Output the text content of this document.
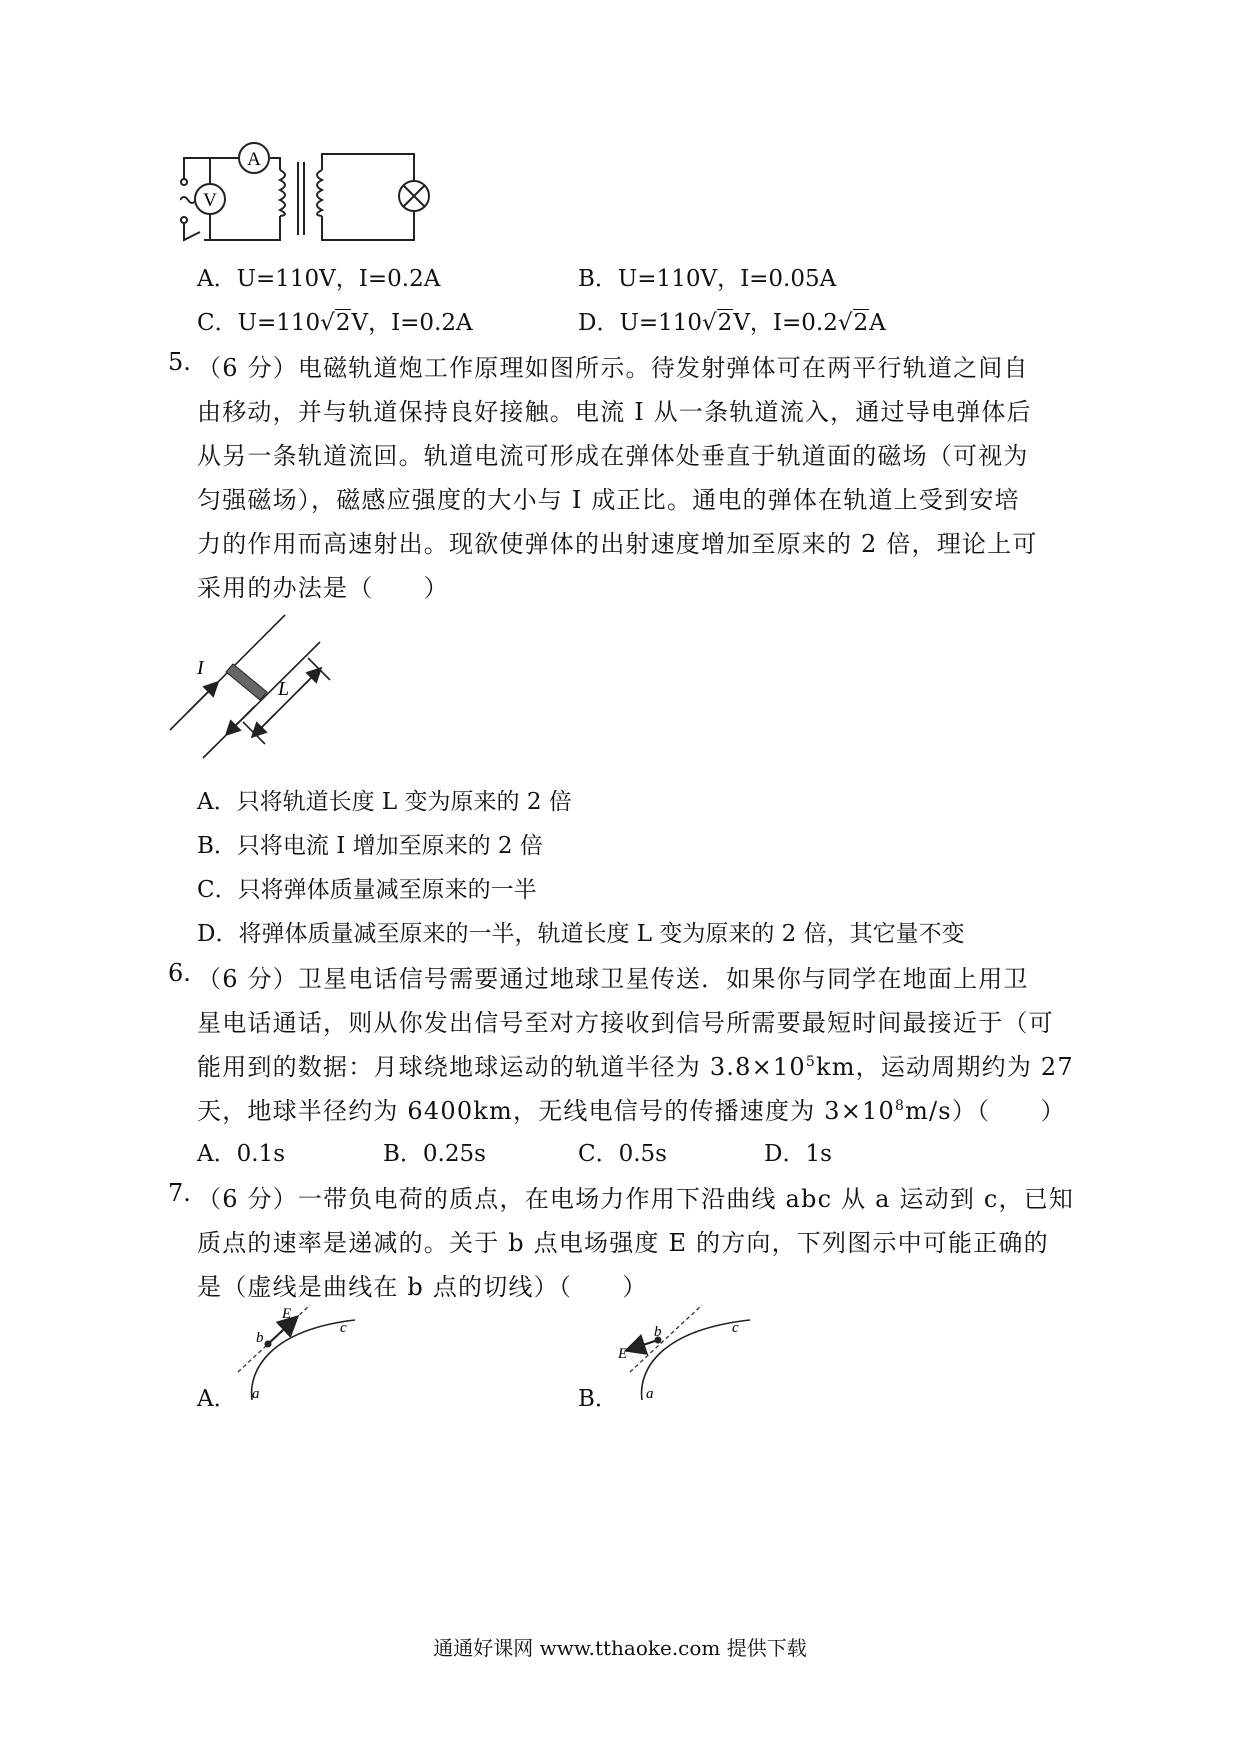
A
V
A．U=110V，I=0.2A	B．U=110V，I=0.05A
C．U=110√2V，I=0.2A	D．U=110√2V，I=0.2√2A
5. （6 分）电磁轨道炮工作原理如图所示。待发射弹体可在两平行轨道之间自
由移动，并与轨道保持良好接触。电流 I 从一条轨道流入，通过导电弹体后
从另一条轨道流回。轨道电流可形成在弹体处垂直于轨道面的磁场（可视为
匀强磁场），磁感应强度的大小与 I 成正比。通电的弹体在轨道上受到安培
力的作用而高速射出。现欲使弹体的出射速度增加至原来的 2 倍，理论上可
采用的办法是（　　）
I
L
A．只将轨道长度 L 变为原来的 2 倍
B．只将电流 I 增加至原来的 2 倍
C．只将弹体质量减至原来的一半
D．将弹体质量减至原来的一半，轨道长度 L 变为原来的 2 倍，其它量不变
6. （6 分）卫星电话信号需要通过地球卫星传送．如果你与同学在地面上用卫
星电话通话，则从你发出信号至对方接收到信号所需要最短时间最接近于（可
能用到的数据：月球绕地球运动的轨道半径为 $3.8\times 10^5km$，运动周期约为 27
天，地球半径约为 6400km，无线电信号的传播速度为 $3\times 10^8m/s$）（　　）
A．0.1s	B．0.25s	C．0.5s	D．1s
7. （6 分）一带负电荷的质点，在电场力作用下沿曲线 abc 从 a 运动到 c，已知
质点的速率是递减的。关于 b 点电场强度 E 的方向，下列图示中可能正确的
是（虚线是曲线在 b 点的切线）（　　）
A．
b
E
c
a	B．
b
E
c
a
通通好课网 www.tthaoke.com 提供下载
